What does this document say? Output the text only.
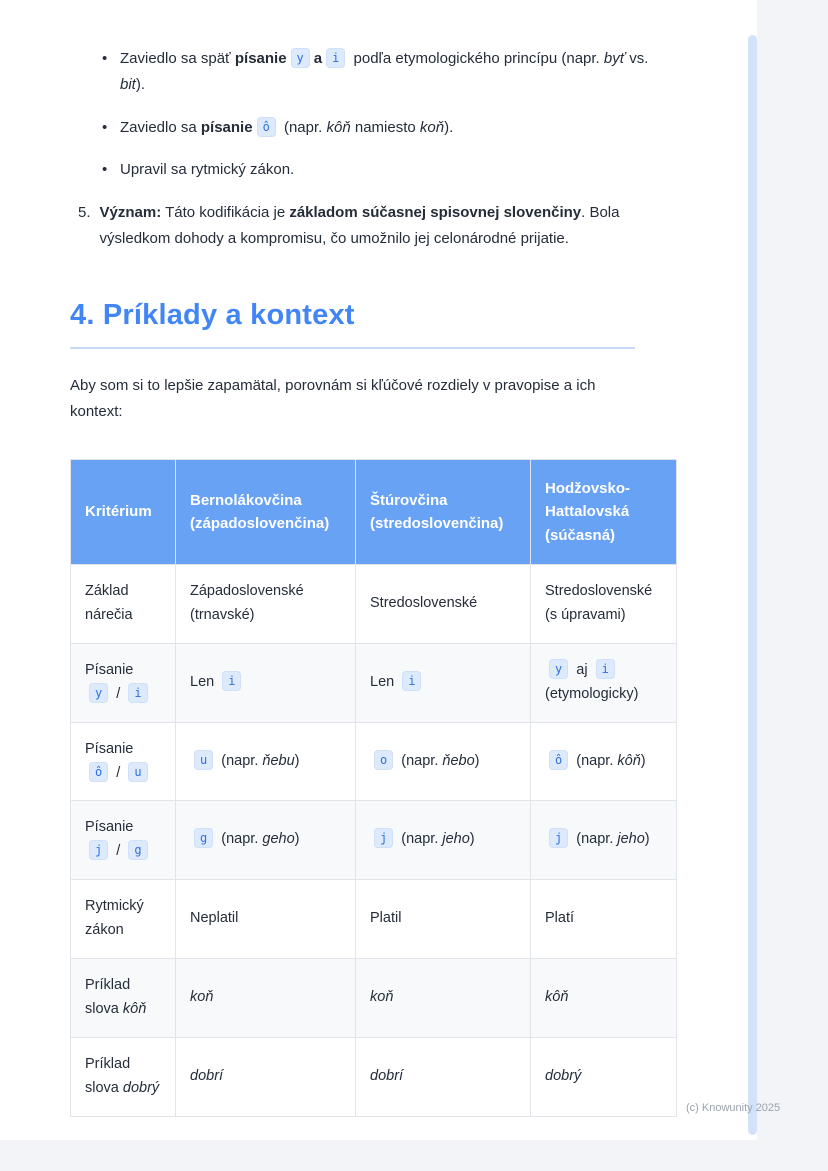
• Zaviedlo sa späť písanie y a i podľa etymologického princípu (napr. byť vs. bit).
• Zaviedlo sa písanie ô (napr. kôň namiesto koň).
• Upravil sa rytmický zákon.
5. Význam: Táto kodifikácia je základom súčasnej spisovnej slovenčiny. Bola výsledkom dohody a kompromisu, čo umožnilo jej celonárodné prijatie.
4. Príklady a kontext

Aby som si to lepšie zapamätal, porovnám si kľúčové rozdiely v pravopise a ich kontext:

Kritérium	Bernolákovčina (západoslovenčina)	Štúrovčina (stredoslovenčina)	Hodžovsko-Hattalovská (súčasná)
Základ nárečia	Západoslovenské (trnavské)	Stredoslovenské	Stredoslovenské (s úpravami)
Písanie y / i	Len i	Len i	y aj i (etymologicky)
Písanie ô / u	u (napr. ňebu)	o (napr. ňebo)	ô (napr. kôň)
Písanie j / g	g (napr. geho)	j (napr. jeho)	j (napr. jeho)
Rytmický zákon	Neplatil	Platil	Platí
Príklad slova kôň	koň	koň	kôň
Príklad slova dobrý	dobrí	dobrí	dobrý
(c) Knowunity 2025
